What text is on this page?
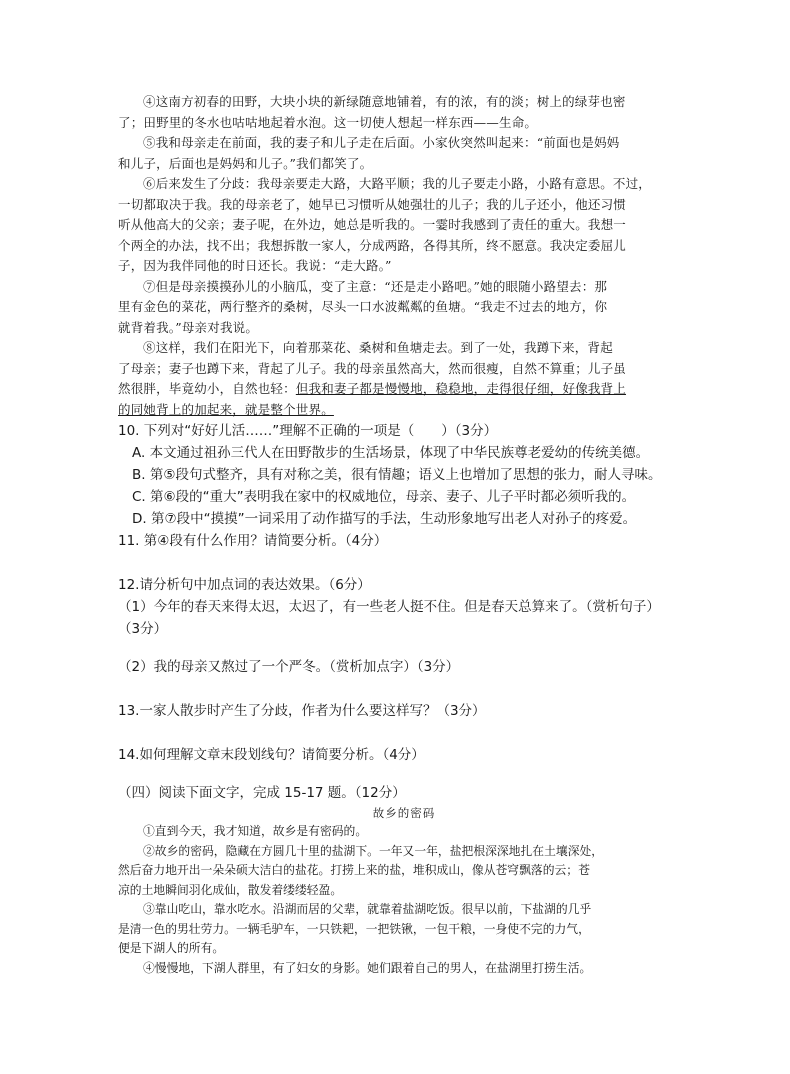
④这南方初春的田野，大块小块的新绿随意地铺着，有的浓，有的淡；树上的绿芽也密

了；田野里的冬水也咕咕地起着水泡。这一切使人想起一样东西——生命。

⑤我和母亲走在前面，我的妻子和儿子走在后面。小家伙突然叫起来：“前面也是妈妈

和儿子，后面也是妈妈和儿子。”我们都笑了。

⑥后来发生了分歧：我母亲要走大路，大路平顺；我的儿子要走小路，小路有意思。不过，

一切都取决于我。我的母亲老了，她早已习惯听从她强壮的儿子；我的儿子还小，他还习惯

听从他高大的父亲；妻子呢，在外边，她总是听我的。一霎时我感到了责任的重大。我想一

个两全的办法，找不出；我想拆散一家人，分成两路，各得其所，终不愿意。我决定委屈儿

子，因为我伴同他的时日还长。我说：“走大路。”

⑦但是母亲摸摸孙儿的小脑瓜，变了主意：“还是走小路吧。”她的眼随小路望去：那

里有金色的菜花，两行整齐的桑树，尽头一口水波粼粼的鱼塘。“我走不过去的地方，你

就背着我。”母亲对我说。

⑧这样，我们在阳光下，向着那菜花、桑树和鱼塘走去。到了一处，我蹲下来，背起

了母亲；妻子也蹲下来，背起了儿子。我的母亲虽然高大，然而很瘦，自然不算重；儿子虽

然很胖，毕竟幼小，自然也轻：但我和妻子都是慢慢地，稳稳地，走得很仔细，好像我背上

的同她背上的加起来，就是整个世界。

10. 下列对“好好儿活……”理解不正确的一项是（　　）（3分）

A. 本文通过祖孙三代人在田野散步的生活场景，体现了中华民族尊老爱幼的传统美德。

B. 第⑤段句式整齐，具有对称之美，很有情趣；语义上也增加了思想的张力，耐人寻味。

C. 第⑥段的“重大”表明我在家中的权威地位，母亲、妻子、儿子平时都必须听我的。

D. 第⑦段中“摸摸”一词采用了动作描写的手法，生动形象地写出老人对孙子的疼爱。

11. 第④段有什么作用？请简要分析。（4分）

12.请分析句中加点词的表达效果。（6分）

（1）今年的春天来得太迟，太迟了，有一些老人挺不住。但是春天总算来了。（赏析句子）

（3分）

（2）我的母亲又熬过了一个严冬。（赏析加点字）（3分）

13.一家人散步时产生了分歧，作者为什么要这样写？（3分）

14.如何理解文章末段划线句？请简要分析。（4分）

（四）阅读下面文字，完成 15-17 题。（12分）

故乡的密码

①直到今天，我才知道，故乡是有密码的。

②故乡的密码，隐藏在方圆几十里的盐湖下。一年又一年，盐把根深深地扎在土壤深处，

然后奋力地开出一朵朵硕大洁白的盐花。打捞上来的盐，堆积成山，像从苍穹飘落的云；苍

凉的土地瞬间羽化成仙，散发着缕缕轻盈。

③靠山吃山，靠水吃水。沿湖而居的父辈，就靠着盐湖吃饭。很早以前，下盐湖的几乎

是清一色的男壮劳力。一辆毛驴车，一只铁耙，一把铁锹，一包干粮，一身使不完的力气，

便是下湖人的所有。

④慢慢地，下湖人群里，有了妇女的身影。她们跟着自己的男人，在盐湖里打捞生活。
